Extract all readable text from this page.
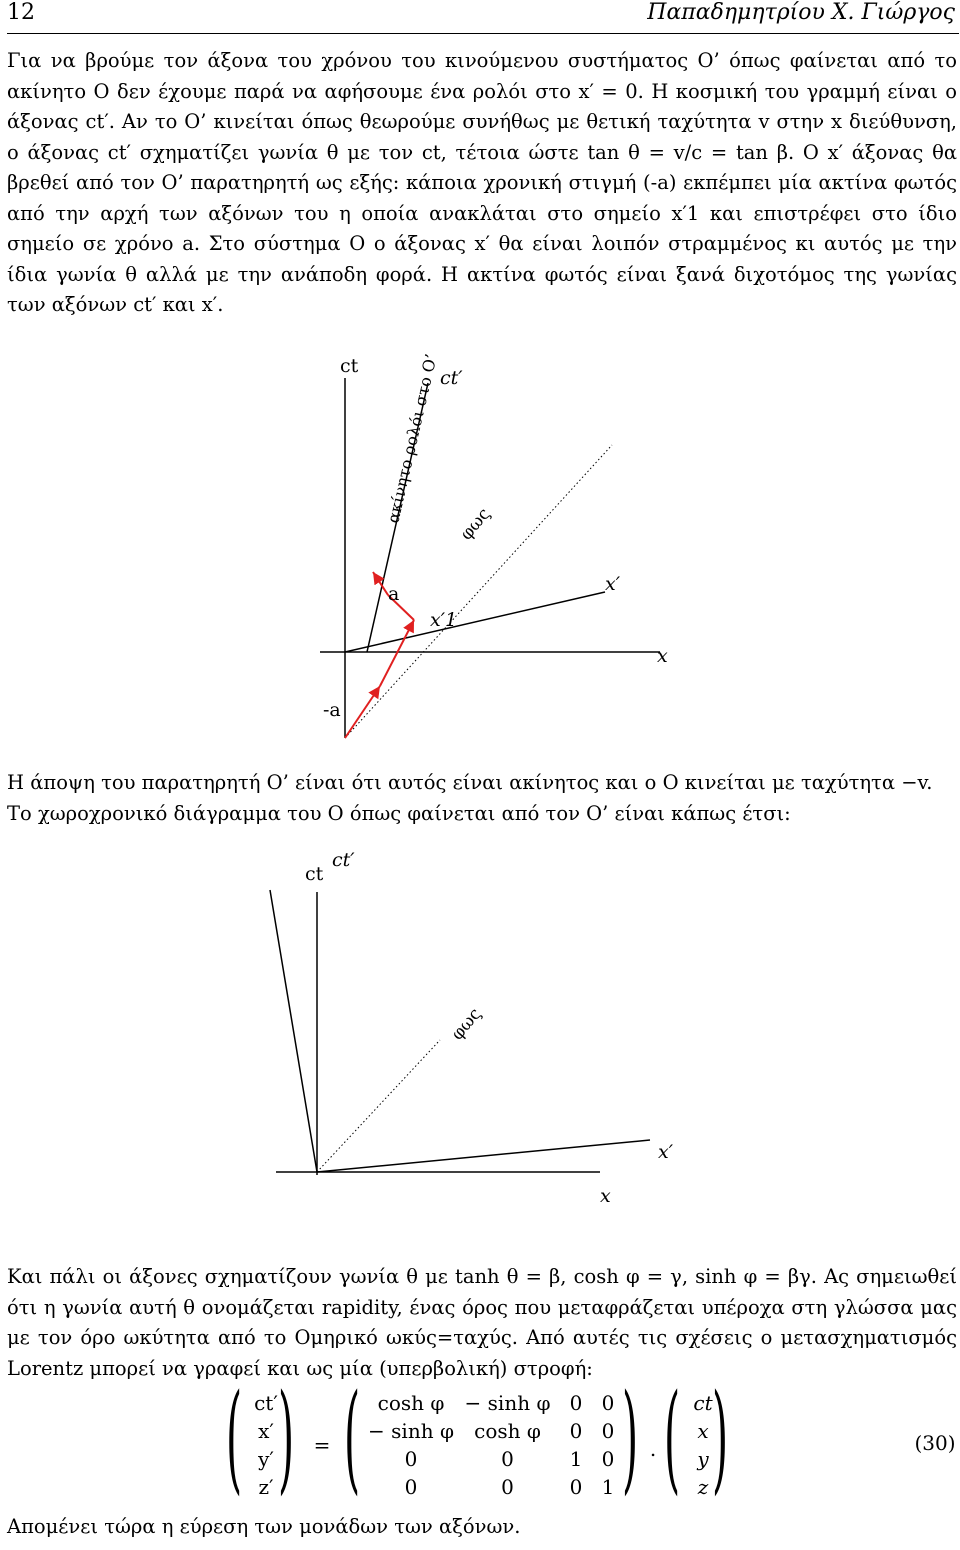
12	Παπαδημητρίου Χ. Γιώργος

Για να βρούμε τον άξονα του χρόνου του κινούμενου συστήματος Ο’ όπως φαίνεται από το ακίνητο Ο δεν έχουμε παρά να αφήσουμε ένα ρολόι στο x′ = 0. Η κοσμική του γραμμή είναι ο άξονας ct′. Αν το Ο’ κινείται όπως θεωρούμε συνήθως με θετική ταχύτητα v στην x διεύθυνση, ο άξονας ct′ σχηματίζει γωνία θ με τον ct, τέτοια ώστε tan θ = v/c = tan β. Ο x′ άξονας θα βρεθεί από τον Ο’ παρατηρητή ως εξής: κάποια χρονική στιγμή (-a) εκπέμπει μία ακτίνα φωτός από την αρχή των αξόνων του η οποία ανακλάται στο σημείο x′1 και επιστρέφει στο ίδιο σημείο σε χρόνο a. Στο σύστημα Ο ο άξονας x′ θα είναι λοιπόν στραμμένος κι αυτός με την ίδια γωνία θ αλλά με την ανάποδη φορά. Η ακτίνα φωτός είναι ξανά διχοτόμος της γωνίας των αξόνων ct′ και x′.

ct
ct′
ακίνητο ρολόι στο Ο’ φως
a
x′1
x′
x
-a
Η άποψη του παρατηρητή Ο’ είναι ότι αυτός είναι ακίνητος και ο Ο κινείται με ταχύτητα −v.
Το χωροχρονικό διάγραμμα του Ο όπως φαίνεται από τον Ο’ είναι κάπως έτσι:
ct
ct′
φως
x′
x

Και πάλι οι άξονες σχηματίζουν γωνία θ με tanh θ = β, cosh φ = γ, sinh φ = βγ. Ας σημειωθεί ότι η γωνία αυτή θ ονομάζεται rapidity, ένας όρος που μεταφράζεται υπέροχα στη γλώσσα μας με τον όρο ωκύτητα από το Ομηρικό ωκύς=ταχύς. Από αυτές τις σχέσεις ο μετασχηματισμός Lorentz μπορεί να γραφεί και ως μία (υπερβολική) στροφή:

( )
ct′
x′
y′
z′
= ( )
cosh φ	− sinh φ 0 0
− sinh φ	cosh φ	0 0
0	0	1 0
0	0	0 1
. ( )
ct
x
y
z
(30)
Απομένει τώρα η εύρεση των μονάδων των αξόνων.
